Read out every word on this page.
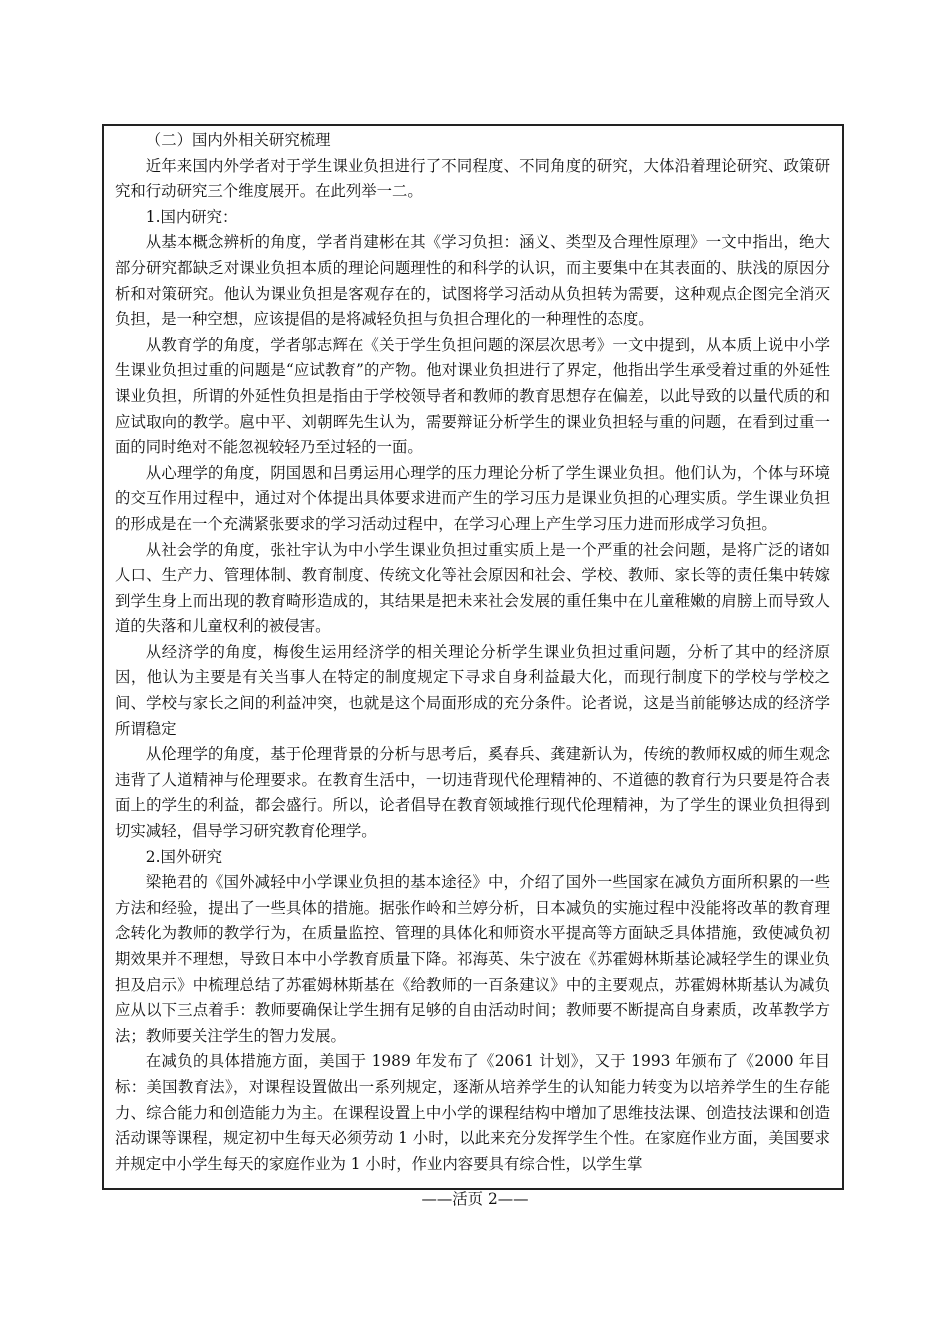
（二）国内外相关研究梳理

近年来国内外学者对于学生课业负担进行了不同程度、不同角度的研究，大体沿着理论研究、政策研究和行动研究三个维度展开。在此列举一二。

1.国内研究：

从基本概念辨析的角度，学者肖建彬在其《学习负担：涵义、类型及合理性原理》一文中指出，绝大部分研究都缺乏对课业负担本质的理论问题理性的和科学的认识，而主要集中在其表面的、肤浅的原因分析和对策研究。他认为课业负担是客观存在的，试图将学习活动从负担转为需要，这种观点企图完全消灭负担，是一种空想，应该提倡的是将减轻负担与负担合理化的一种理性的态度。

从教育学的角度，学者邬志辉在《关于学生负担问题的深层次思考》一文中提到，从本质上说中小学生课业负担过重的问题是“应试教育”的产物。他对课业负担进行了界定，他指出学生承受着过重的外延性课业负担，所谓的外延性负担是指由于学校领导者和教师的教育思想存在偏差，以此导致的以量代质的和应试取向的教学。扈中平、刘朝晖先生认为，需要辩证分析学生的课业负担轻与重的问题，在看到过重一面的同时绝对不能忽视较轻乃至过轻的一面。

从心理学的角度，阴国恩和吕勇运用心理学的压力理论分析了学生课业负担。他们认为，个体与环境的交互作用过程中，通过对个体提出具体要求进而产生的学习压力是课业负担的心理实质。学生课业负担的形成是在一个充满紧张要求的学习活动过程中，在学习心理上产生学习压力进而形成学习负担。

从社会学的角度，张社宇认为中小学生课业负担过重实质上是一个严重的社会问题，是将广泛的诸如人口、生产力、管理体制、教育制度、传统文化等社会原因和社会、学校、教师、家长等的责任集中转嫁到学生身上而出现的教育畸形造成的，其结果是把未来社会发展的重任集中在儿童稚嫩的肩膀上而导致人道的失落和儿童权利的被侵害。

从经济学的角度，梅俊生运用经济学的相关理论分析学生课业负担过重问题，分析了其中的经济原因，他认为主要是有关当事人在特定的制度规定下寻求自身利益最大化，而现行制度下的学校与学校之间、学校与家长之间的利益冲突，也就是这个局面形成的充分条件。论者说，这是当前能够达成的经济学所谓稳定

从伦理学的角度，基于伦理背景的分析与思考后，奚春兵、龚建新认为，传统的教师权威的师生观念违背了人道精神与伦理要求。在教育生活中，一切违背现代伦理精神的、不道德的教育行为只要是符合表面上的学生的利益，都会盛行。所以，论者倡导在教育领域推行现代伦理精神，为了学生的课业负担得到切实减轻，倡导学习研究教育伦理学。

2.国外研究

梁艳君的《国外减轻中小学课业负担的基本途径》中，介绍了国外一些国家在减负方面所积累的一些方法和经验，提出了一些具体的措施。据张作岭和兰婷分析，日本减负的实施过程中没能将改革的教育理念转化为教师的教学行为，在质量监控、管理的具体化和师资水平提高等方面缺乏具体措施，致使减负初期效果并不理想，导致日本中小学教育质量下降。祁海英、朱宁波在《苏霍姆林斯基论减轻学生的课业负担及启示》中梳理总结了苏霍姆林斯基在《给教师的一百条建议》中的主要观点，苏霍姆林斯基认为减负应从以下三点着手：教师要确保让学生拥有足够的自由活动时间；教师要不断提高自身素质，改革教学方法；教师要关注学生的智力发展。

在减负的具体措施方面，美国于 1989 年发布了《2061 计划》，又于 1993 年颁布了《2000 年目标：美国教育法》，对课程设置做出一系列规定，逐渐从培养学生的认知能力转变为以培养学生的生存能力、综合能力和创造能力为主。在课程设置上中小学的课程结构中增加了思维技法课、创造技法课和创造活动课等课程，规定初中生每天必须劳动 1 小时，以此来充分发挥学生个性。在家庭作业方面，美国要求并规定中小学生每天的家庭作业为 1 小时，作业内容要具有综合性，以学生掌

——活页 2——
